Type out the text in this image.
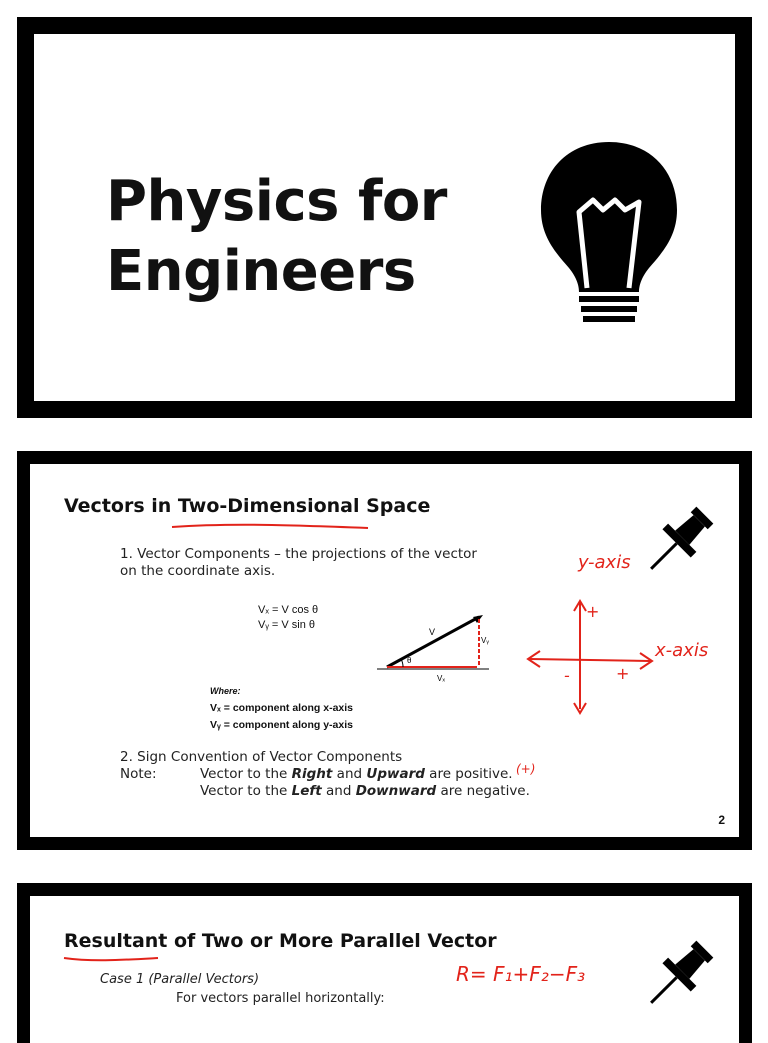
Physics for
Engineers
Vectors in Two-Dimensional Space
1. Vector Components – the projections of the vector
on the coordinate axis.
Vₓ = V cos θ
Vᵧ = V sin θ
V
Vᵧ
Vₓ
θ
Where:
Vₓ = component along x-axis
Vᵧ = component along y-axis
y-axis
x-axis
+
+
-
2. Sign Convention of Vector Components
Note:	Vector to the Right and Upward are positive. (+)
Vector to the Left and Downward are negative.
2
Resultant of Two or More Parallel Vector
Case 1 (Parallel Vectors)
For vectors parallel horizontally:
R= F₁+F₂−F₃
